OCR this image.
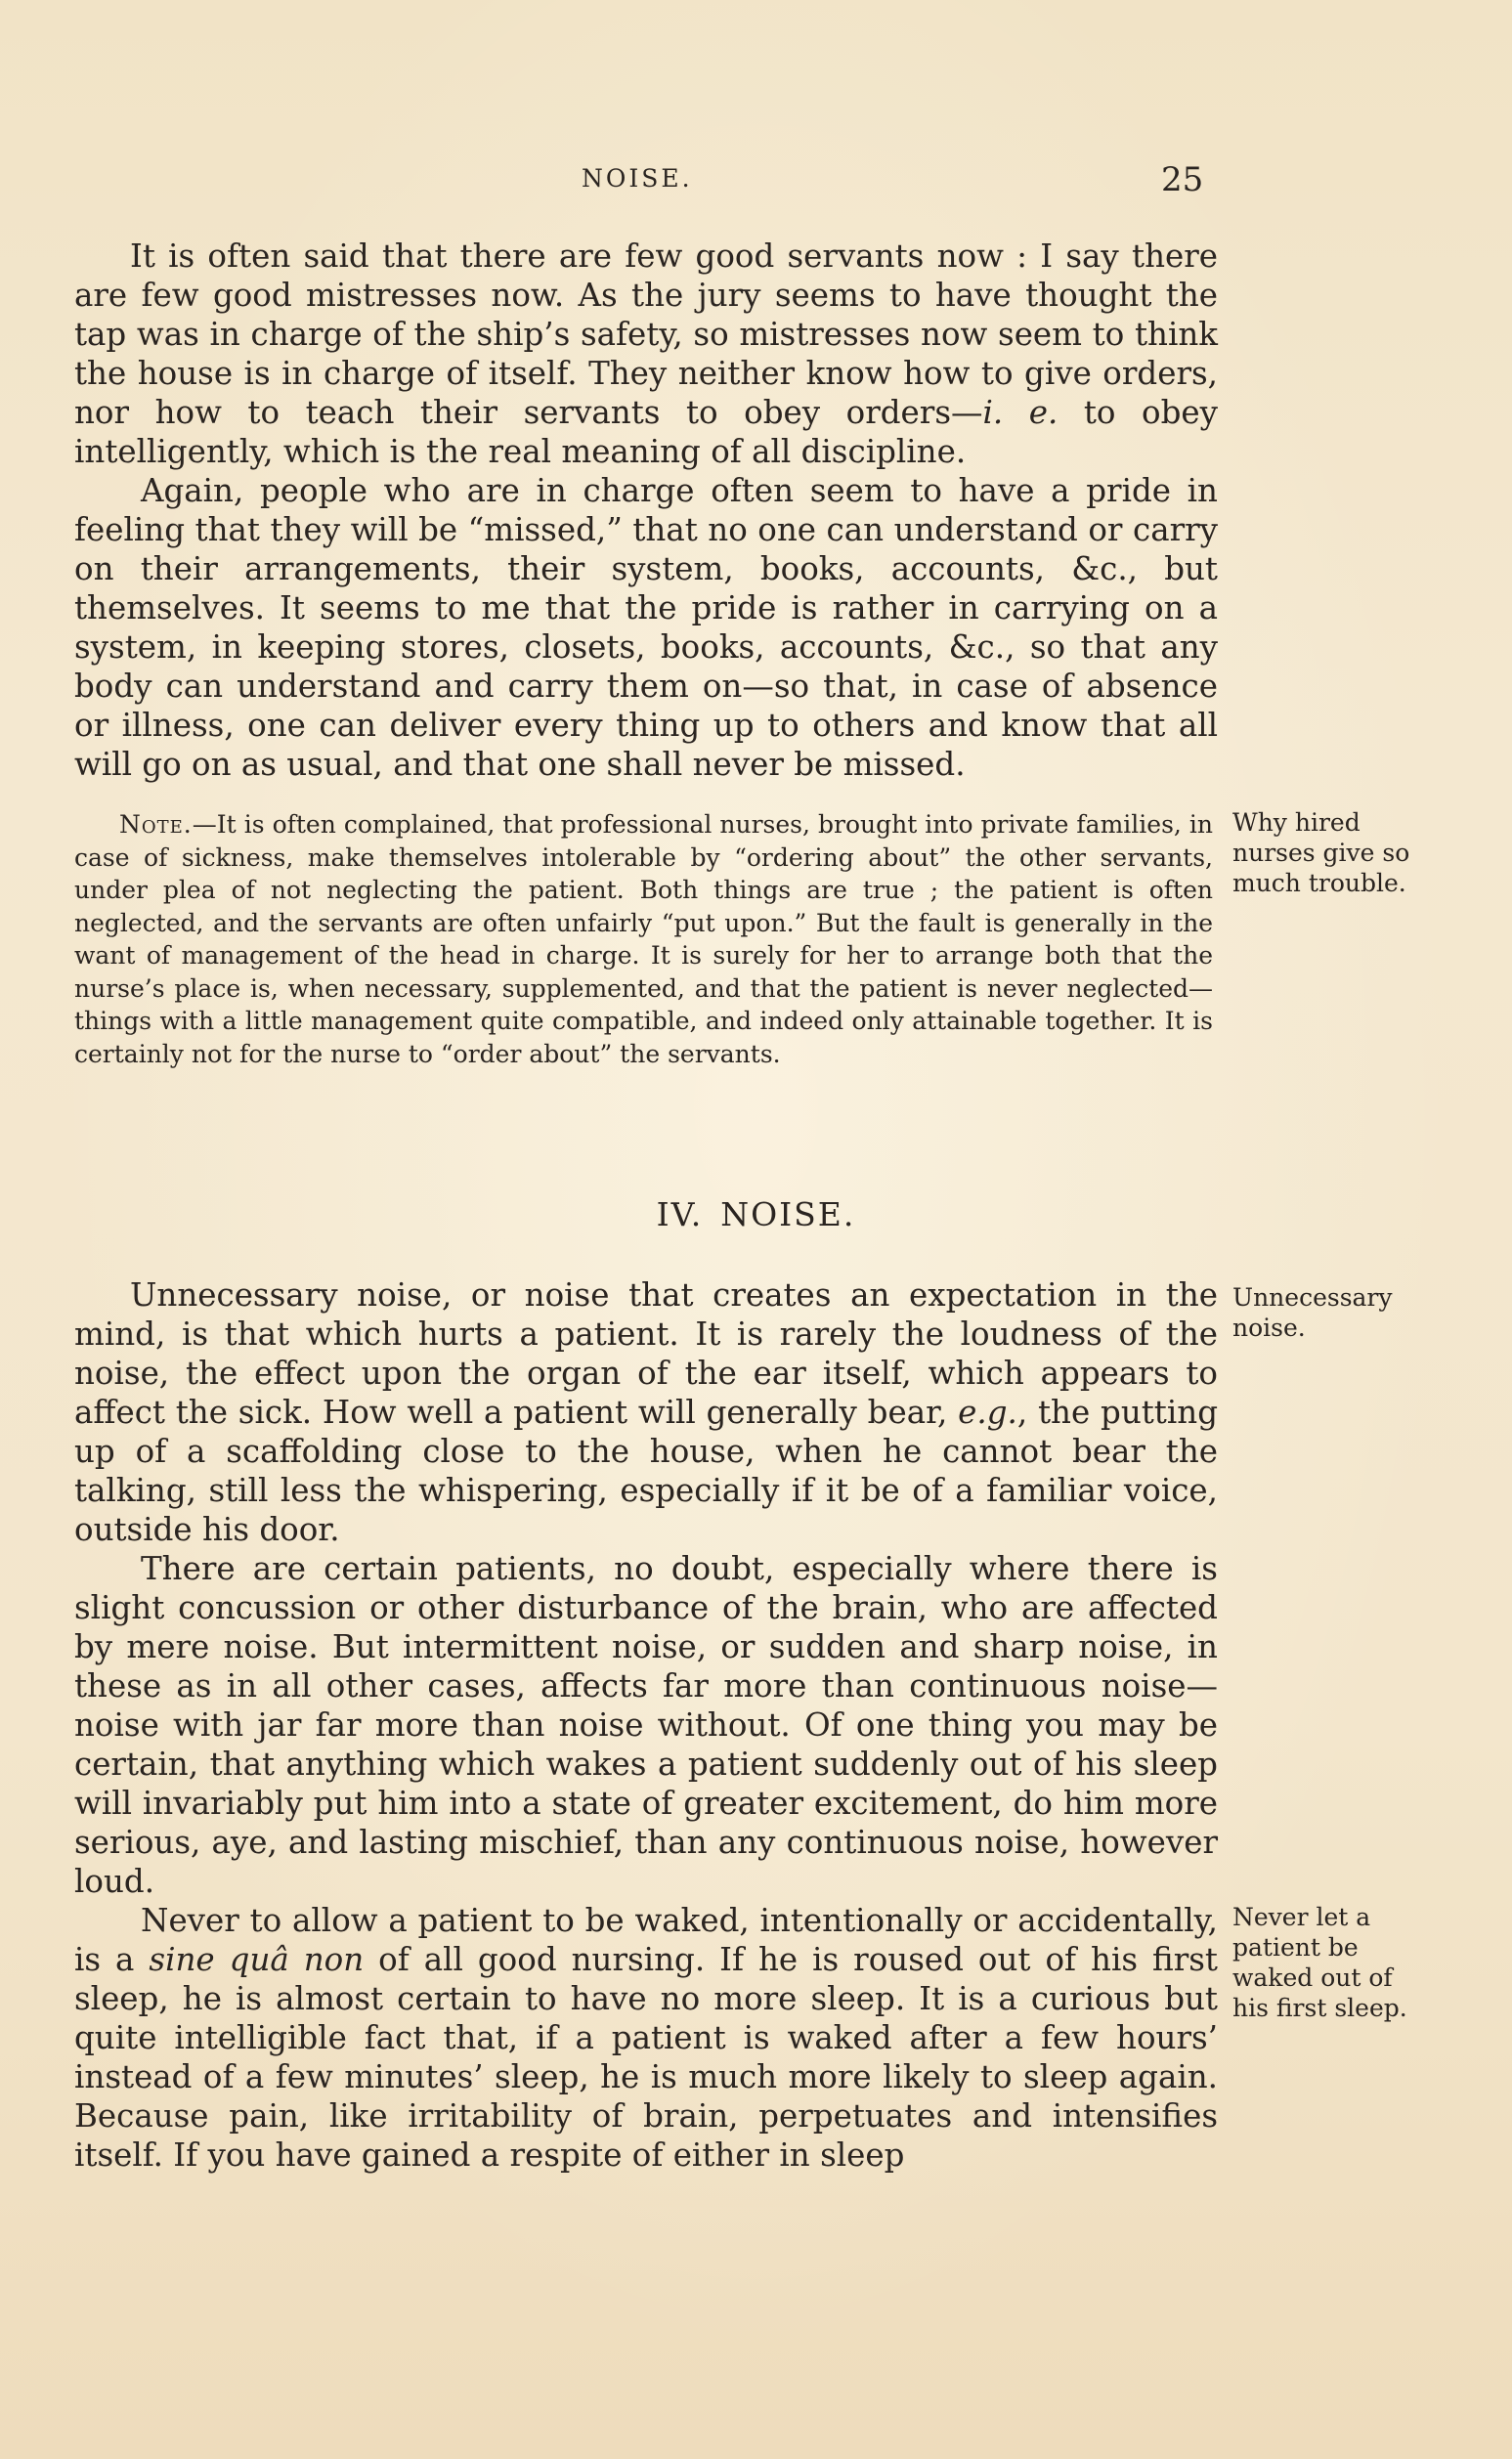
NOISE.	25

It is often said that there are few good servants now : I say there are few good mistresses now. As the jury seems to have thought the tap was in charge of the ship’s safety, so mistresses now seem to think the house is in charge of itself. They neither know how to give orders, nor how to teach their servants to obey orders—i. e. to obey intelligently, which is the real meaning of all discipline.

Again, people who are in charge often seem to have a pride in feeling that they will be “missed,” that no one can understand or carry on their arrangements, their system, books, accounts, &c., but themselves. It seems to me that the pride is rather in carrying on a system, in keeping stores, closets, books, accounts, &c., so that any body can understand and carry them on—so that, in case of absence or illness, one can deliver every thing up to others and know that all will go on as usual, and that one shall never be missed.

Note.—It is often complained, that professional nurses, brought into private families, in case of sickness, make themselves intolerable by “ordering about” the other servants, under plea of not neglecting the patient. Both things are true ; the patient is often neglected, and the servants are often unfairly “put upon.” But the fault is generally in the want of management of the head in charge. It is surely for her to arrange both that the nurse’s place is, when necessary, supplemented, and that the patient is never neglected—things with a little management quite compatible, and indeed only attainable together. It is certainly not for the nurse to “order about” the servants.

Why hired
nurses give so
much trouble.
IV. NOISE.

Unnecessary noise, or noise that creates an expectation in the mind, is that which hurts a patient. It is rarely the loudness of the noise, the effect upon the organ of the ear itself, which appears to affect the sick. How well a patient will generally bear, e.g., the putting up of a scaffolding close to the house, when he cannot bear the talking, still less the whispering, especially if it be of a familiar voice, outside his door.

There are certain patients, no doubt, especially where there is slight concussion or other disturbance of the brain, who are affected by mere noise. But intermittent noise, or sudden and sharp noise, in these as in all other cases, affects far more than continuous noise—noise with jar far more than noise without. Of one thing you may be certain, that anything which wakes a patient suddenly out of his sleep will invariably put him into a state of greater excitement, do him more serious, aye, and lasting mischief, than any continuous noise, however loud.

Never to allow a patient to be waked, intentionally or accidentally, is a sine quâ non of all good nursing. If he is roused out of his first sleep, he is almost certain to have no more sleep. It is a curious but quite intelligible fact that, if a patient is waked after a few hours’ instead of a few minutes’ sleep, he is much more likely to sleep again. Because pain, like irritability of brain, perpetuates and intensifies itself. If you have gained a respite of either in sleep

Unnecessary
noise.
Never let a
patient be
waked out of
his first sleep.
